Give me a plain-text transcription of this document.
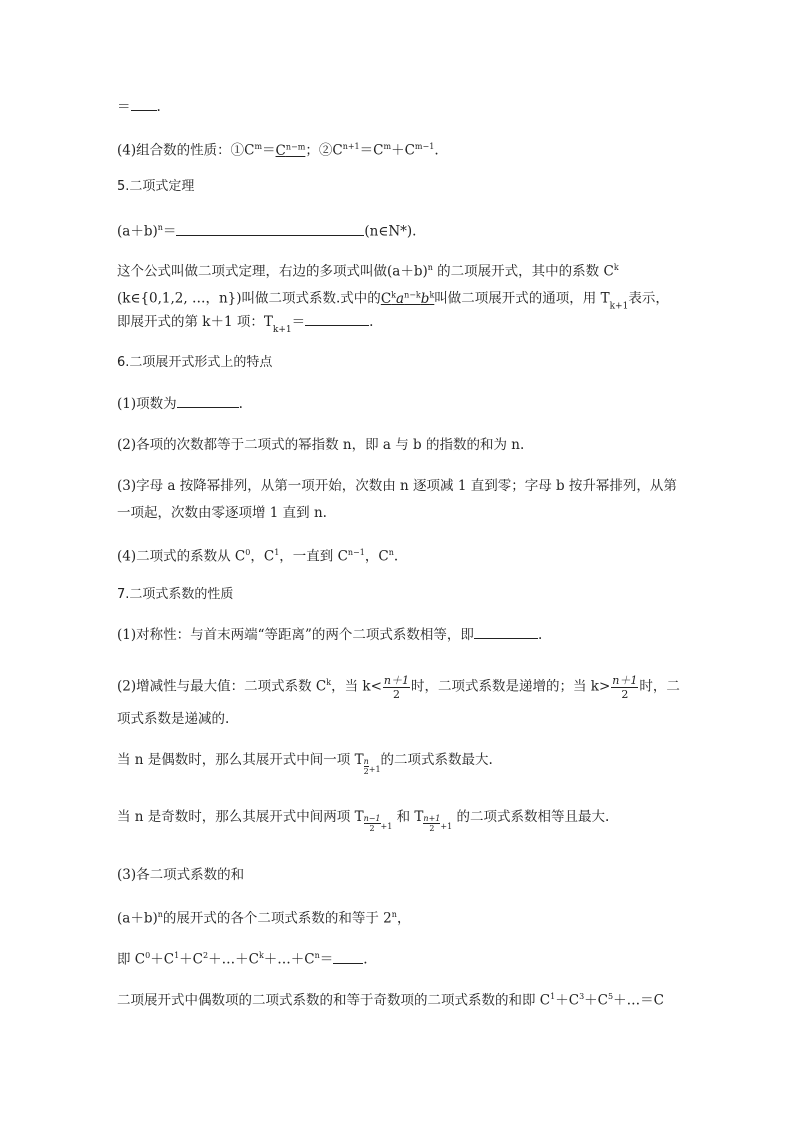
＝ .
(4)组合数的性质：$①C^m=C^{n-m}$；$②C^{n+1}=C^m+C^{m-1}$.
5.二项式定理
$(a+b)^n=$	(n∈N*).
这个公式叫做二项式定理，右边的多项式叫做$(a+b)^n$ 的二项展开式，其中的系数 $C^k$
(k∈{0,1,2, …，n})叫做二项式系数.式中的$C^ka^{n-k}b^k$叫做二项展开式的通项，用 $T_{k+1}$表示，
即展开式的第 k＋1 项：$T_{k+1}=$	.
6.二项展开式形式上的特点
(1)项数为	.
(2)各项的次数都等于二项式的幂指数 n，即 a 与 b 的指数的和为 n.
(3)字母 a 按降幂排列，从第一项开始，次数由 n 逐项减 1 直到零；字母 b 按升幂排列，从第
一项起，次数由零逐项增 1 直到 n.
(4)二项式的系数从 $C^0$，$C^1$，一直到 $C^{n-1}$，$C^n$.
7.二项式系数的性质
(1)对称性：与首末两端“等距离”的两个二项式系数相等，即	.
(2)增减性与最大值：二项式系数 $C^k$，当 $k< \frac{n+1}{2}$ 时，二项式系数是递增的；当 $k> \frac{n+1}{2}$ 时，二
项式系数是递减的.
当 n 是偶数时，那么其展开式中间一项 T $\frac{n}{2} _{+1}$的二项式系数最大.
当 n 是奇数时，那么其展开式中间两项 T $\frac{n-1}{2} _{+1}$ 和 T $\frac{n+1}{2} _{+1}$ 的二项式系数相等且最大.
(3)各二项式系数的和
$(a+b)^n$的展开式的各个二项式系数的和等于 2$^n$，
即 $C^0+C^1+C^2+\dots+C^k+\dots+C^n=$ .
二项展开式中偶数项的二项式系数的和等于奇数项的二项式系数的和即 $C^1+C^3+C^5+\dots=C$
